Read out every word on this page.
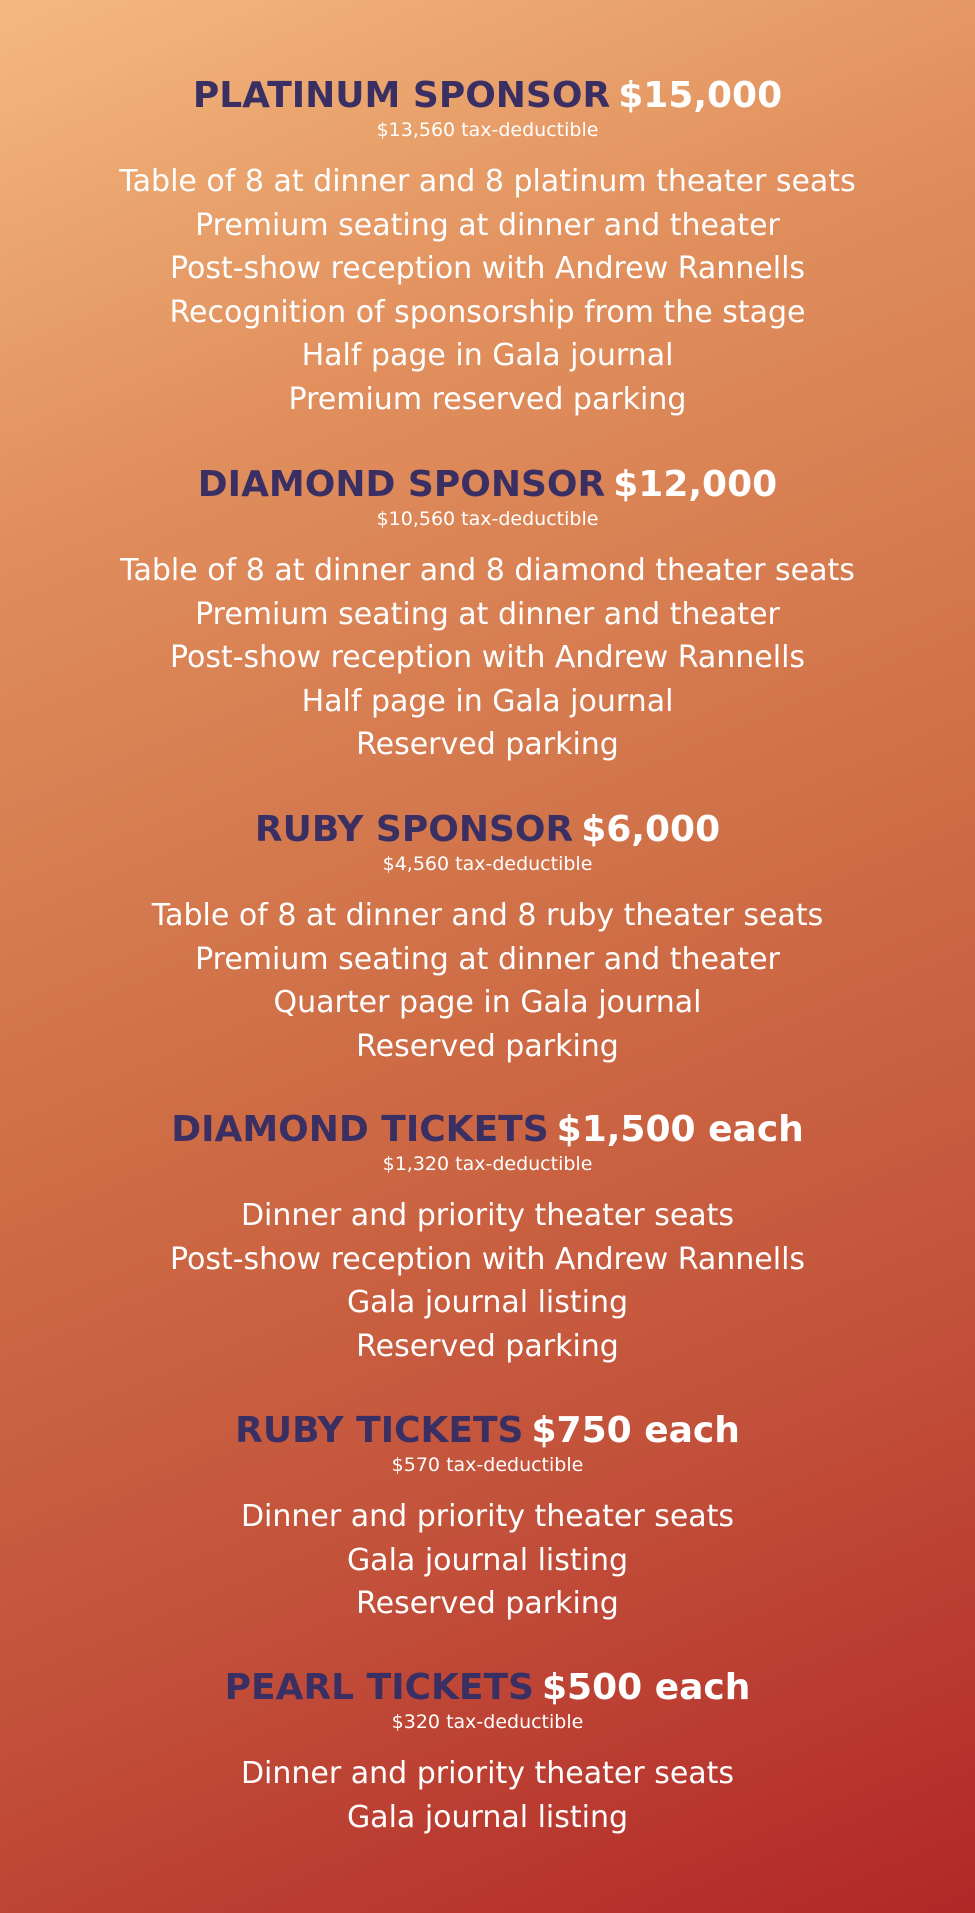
PLATINUM SPONSOR $15,000

$13,560 tax-deductible

Table of 8 at dinner and 8 platinum theater seats
Premium seating at dinner and theater
Post-show reception with Andrew Rannells
Recognition of sponsorship from the stage
Half page in Gala journal
Premium reserved parking
DIAMOND SPONSOR $12,000

$10,560 tax-deductible

Table of 8 at dinner and 8 diamond theater seats
Premium seating at dinner and theater
Post-show reception with Andrew Rannells
Half page in Gala journal
Reserved parking
RUBY SPONSOR $6,000

$4,560 tax-deductible

Table of 8 at dinner and 8 ruby theater seats
Premium seating at dinner and theater
Quarter page in Gala journal
Reserved parking
DIAMOND TICKETS $1,500 each

$1,320 tax-deductible

Dinner and priority theater seats
Post-show reception with Andrew Rannells
Gala journal listing
Reserved parking
RUBY TICKETS $750 each

$570 tax-deductible

Dinner and priority theater seats
Gala journal listing
Reserved parking
PEARL TICKETS $500 each

$320 tax-deductible

Dinner and priority theater seats
Gala journal listing
